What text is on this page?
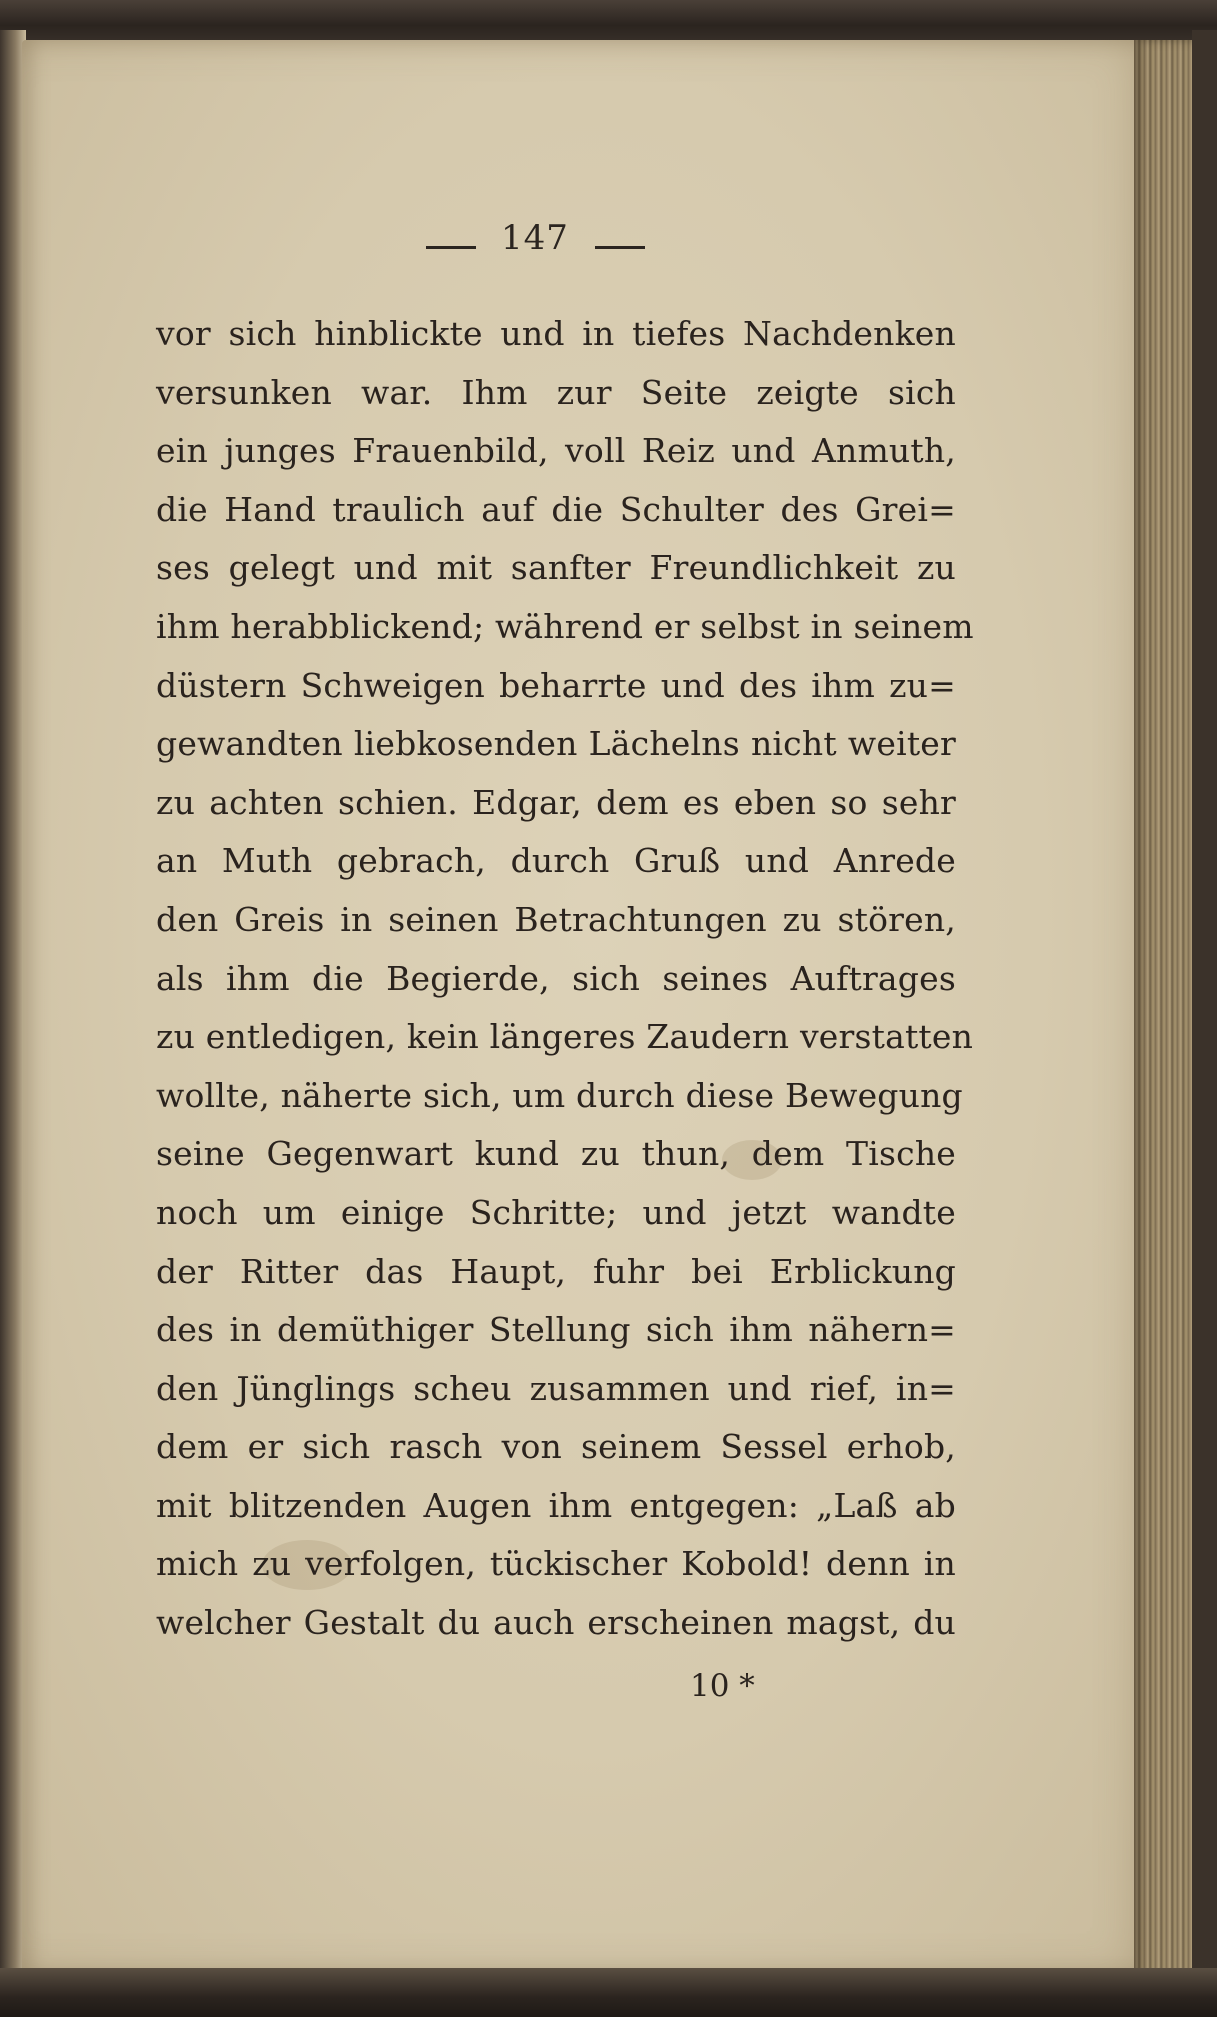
147
vor sich hinblickte und in tiefes Nachdenken
versunken war. Ihm zur Seite zeigte sich
ein junges Frauenbild, voll Reiz und Anmuth,
die Hand traulich auf die Schulter des Grei=
ses gelegt und mit sanfter Freundlichkeit zu
ihm herabblickend; während er selbst in seinem
düstern Schweigen beharrte und des ihm zu=
gewandten liebkosenden Lächelns nicht weiter
zu achten schien. Edgar, dem es eben so sehr
an Muth gebrach, durch Gruß und Anrede
den Greis in seinen Betrachtungen zu stören,
als ihm die Begierde, sich seines Auftrages
zu entledigen, kein längeres Zaudern verstatten
wollte, näherte sich, um durch diese Bewegung
seine Gegenwart kund zu thun, dem Tische
noch um einige Schritte; und jetzt wandte
der Ritter das Haupt, fuhr bei Erblickung
des in demüthiger Stellung sich ihm nähern=
den Jünglings scheu zusammen und rief, in=
dem er sich rasch von seinem Sessel erhob,
mit blitzenden Augen ihm entgegen: „Laß ab
mich zu verfolgen, tückischer Kobold! denn in
welcher Gestalt du auch erscheinen magst, du
10 *
